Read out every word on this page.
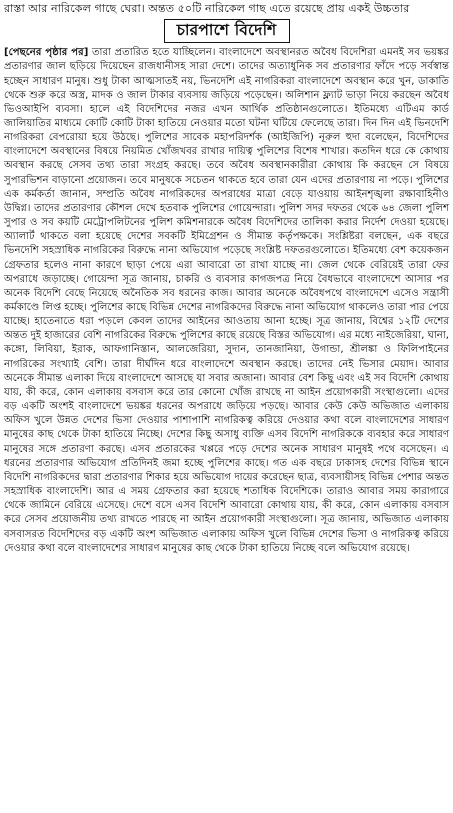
রাস্তা আর নারিকেল গাছে ঘেরা। অন্তত ৫০টি নারিকেল গাছ এতে রয়েছে প্রায় একই উচ্চতার

চারপাশে বিদেশি

[পেছনের পৃষ্ঠার পর] তারা প্রতারিত হতে যাচ্ছিলেন। বাংলাদেশে অবস্থানরত অবৈধ বিদেশিরা এমনই সব ভয়ঙ্কর প্রতারণার জাল ছড়িয়ে দিয়েছেন রাজধানীসহ সারা দেশে। তাদের অত্যাধুনিক সব প্রতারণার ফাঁদে পড়ে সর্বস্বান্ত হচ্ছেন সাধারণ মানুষ। শুধু টাকা আত্মসাতই নয়, ভিনদেশি এই নাগরিকরা বাংলাদেশে অবস্থান করে খুন, ডাকাতি থেকে শুরু করে অস্ত্র, মাদক ও জাল টাকার ব্যবসায় জড়িয়ে পড়েছেন। অলিশান ফ্ল্যাট ভাড়া নিয়ে করছেন অবৈধ ভিওআইপি ব্যবসা। হালে এই বিদেশিদের নজর এখন আর্থিক প্রতিষ্ঠানগুলোতে। ইতিমধ্যে এটিএম কার্ড জালিয়াতির মাধ্যমে কোটি কোটি টাকা হাতিয়ে নেওয়ার মতো ঘটনা ঘটিয়ে ফেলেছে তারা। দিন দিন এই ভিনদেশি নাগরিকরা বেপরোয়া হয়ে উঠছে। পুলিশের সাবেক মহাপরিদর্শক (আইজিপি) নূরুল হুদা বলেছেন, বিদেশিদের বাংলাদেশে অবস্থানের বিষয়ে নিয়মিত খোঁজখবর রাখার দায়িত্ব পুলিশের বিশেষ শাখার। কতদিন ধরে কে কোথায় অবস্থান করছে সেসব তথ্য তারা সংগ্রহ করছে। তবে অবৈধ অবস্থানকারীরা কোথায় কি করছেন সে বিষয়ে সুপারভিশন বাড়ানো প্রয়োজন। তবে মানুষকে সচেতন থাকতে হবে তারা যেন এদের প্রতারণায় না পড়ে। পুলিশের এক কর্মকর্তা জানান, সম্প্রতি অবৈধ নাগরিকদের অপরাধের মাত্রা বেড়ে যাওয়ায় আইনশৃঙ্খলা রক্ষাবাহিনীও উদ্বিগ্ন। তাদের প্রতারণার কৌশল দেখে হতবাক পুলিশের গোয়েন্দারা। পুলিশ সদর দফতর থেকে ৬৪ জেলা পুলিশ সুপার ও সব কয়টি মেট্রোপলিটনের পুলিশ কমিশনারকে অবৈধ বিদেশিদের তালিকা করার নির্দেশ দেওয়া হয়েছে। অ্যালার্ট থাকতে বলা হয়েছে দেশের সবকটি ইমিগ্রেশন ও সীমান্ত কর্তৃপক্ষকে। সংশ্লিষ্টরা বলছেন, এক বছরে ভিনদেশি সহস্রাধিক নাগরিকের বিরুদ্ধে নানা অভিযোগ পড়েছে সংশ্লিষ্ট দফতরগুলোতে। ইতিমধ্যে বেশ কয়েকজন গ্রেফতার হলেও নানা কারণে ছাড়া পেয়ে এরা আবারো তা রাখা যাচ্ছে না। জেল থেকে বেরিয়েই তারা ফের অপরাধে জড়াচ্ছে। গোয়েন্দা সূত্র জানায়, চাকরি ও ব্যবসার কাগজপত্র নিয়ে বৈধভাবে বাংলাদেশে আসার পর অনেক বিদেশি বেছে নিয়েছে অনৈতিক সব ধরনের কাজ। আবার অনেকে অবৈধপথে বাংলাদেশে এসেও সন্ত্রাসী কর্মকাণ্ডে লিপ্ত হচ্ছে। পুলিশের কাছে বিভিন্ন দেশের নাগরিকদের বিরুদ্ধে নানা অভিযোগ থাকলেও তারা পার পেয়ে যাচ্ছে। হাতেনাতে ধরা পড়লে কেবল তাদের আইনের আওতায় আনা হচ্ছে। সূত্র জানায়, বিশ্বের ১২টি দেশের অন্তত দুই হাজারের বেশি নাগরিকের বিরুদ্ধে পুলিশের কাছে রয়েছে বিস্তর অভিযোগ। এর মধ্যে নাইজেরিয়া, ঘানা, কঙ্গো, লিবিয়া, ইরাক, আফগানিস্তান, আলজেরিয়া, সুদান, তানজানিয়া, উগান্ডা, শ্রীলঙ্কা ও ফিলিপাইনের নাগরিকের সংখ্যাই বেশি। তারা দীর্ঘদিন ধরে বাংলাদেশে অবস্থান করছে। তাদের নেই ভিসার মেয়াদ। আবার অনেকে সীমান্ত এলাকা দিয়ে বাংলাদেশে আসছে যা সবার অজানা। আবার বেশ কিছু এবং এই সব বিদেশি কোথায় যায়, কী করে, কোন এলাকায় বসবাস করে তার কোনো খোঁজ রাখছে না আইন প্রয়োগকারী সংস্থাগুলো। এদের বড় একটি অংশই বাংলাদেশে ভয়ঙ্কর ধরনের অপরাধে জড়িয়ে পড়ছে। আবার কেউ কেউ অভিজাত এলাকায় অফিস খুলে উন্নত দেশের ভিসা দেওয়ার পাশাপাশি নাগরিকত্ব করিয়ে দেওয়ার কথা বলে বাংলাদেশের সাধারণ মানুষের কাছ থেকে টাকা হাতিয়ে নিচ্ছে। দেশের কিছু অসাধু ব্যক্তি এসব বিদেশি নাগরিককে ব্যবহার করে সাধারণ মানুষের সঙ্গে প্রতারণা করছে। এসব প্রতারকের খপ্পরে পড়ে দেশের অনেক সাধারণ মানুষই পথে বসেছেন। এ ধরনের প্রতারণার অভিযোগ প্রতিদিনই জমা হচ্ছে পুলিশের কাছে। গত এক বছরে ঢাকাসহ দেশের বিভিন্ন স্থানে বিদেশি নাগরিকদের দ্বারা প্রতারণার শিকার হয়ে অভিযোগ দায়ের করেছেন ছাত্র, ব্যবসায়ীসহ বিভিন্ন পেশার অন্তত সহস্রাধিক বাংলাদেশি। আর এ সময় গ্রেফতার করা হয়েছে শতাধিক বিদেশিকে। তারাও আবার সময় কারাগারে থেকে জামিনে বেরিয়ে এসেছে। দেশে বসে এসব বিদেশি আবারো কোথায় যায়, কী করে, কোন এলাকায় বসবাস করে সেসব প্রয়োজনীয় তথ্য রাখতে পারছে না আইন প্রয়োগকারী সংস্থাগুলো। সূত্র জানায়, অভিজাত এলাকায় বসবাসরত বিদেশিদের বড় একটি অংশ অভিজাত এলাকায় অফিস খুলে বিভিন্ন দেশের ভিসা ও নাগরিকত্ব করিয়ে দেওয়ার কথা বলে বাংলাদেশের সাধারণ মানুষের কাছ থেকে টাকা হাতিয়ে নিচ্ছে বলে অভিযোগ রয়েছে।
